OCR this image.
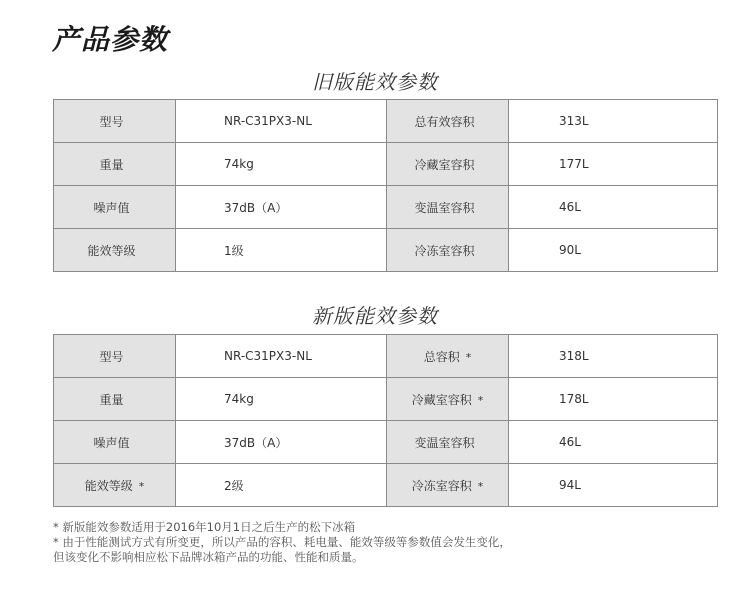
产品参数
旧版能效参数
型号	NR-C31PX3-NL	总有效容积	313L
重量	74kg	冷藏室容积	177L
噪声值	37dB（A）	变温室容积	46L
能效等级	1级	冷冻室容积	90L
新版能效参数
型号	NR-C31PX3-NL	总容积 *	318L
重量	74kg	冷藏室容积 *	178L
噪声值	37dB（A）	变温室容积	46L
能效等级 *	2级	冷冻室容积 *	94L
* 新版能效参数适用于2016年10月1日之后生产的松下冰箱
* 由于性能测试方式有所变更，所以产品的容积、耗电量、能效等级等参数值会发生变化，
但该变化不影响相应松下品牌冰箱产品的功能、性能和质量。
